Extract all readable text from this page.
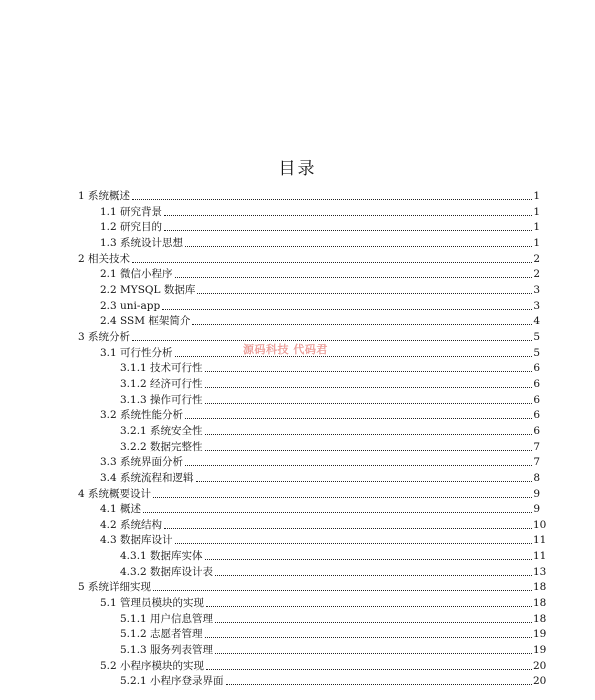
目录
1 系统概述	1
1.1 研究背景	1
1.2 研究目的	1
1.3 系统设计思想	1
2 相关技术	2
2.1 微信小程序	2
2.2 MYSQL 数据库	3
2.3 uni-app	3
2.4 SSM 框架简介	4
3 系统分析	5
3.1 可行性分析	5
3.1.1 技术可行性	6
3.1.2 经济可行性	6
3.1.3 操作可行性	6
3.2 系统性能分析	6
3.2.1 系统安全性	6
3.2.2 数据完整性	7
3.3 系统界面分析	7
3.4 系统流程和逻辑	8
4 系统概要设计	9
4.1 概述	9
4.2 系统结构	10
4.3 数据库设计	11
4.3.1 数据库实体	11
4.3.2 数据库设计表	13
5 系统详细实现	18
5.1 管理员模块的实现	18
5.1.1 用户信息管理	18
5.1.2 志愿者管理	19
5.1.3 服务列表管理	19
5.2 小程序模块的实现	20
5.2.1 小程序登录界面	20
源码科技 代码君
